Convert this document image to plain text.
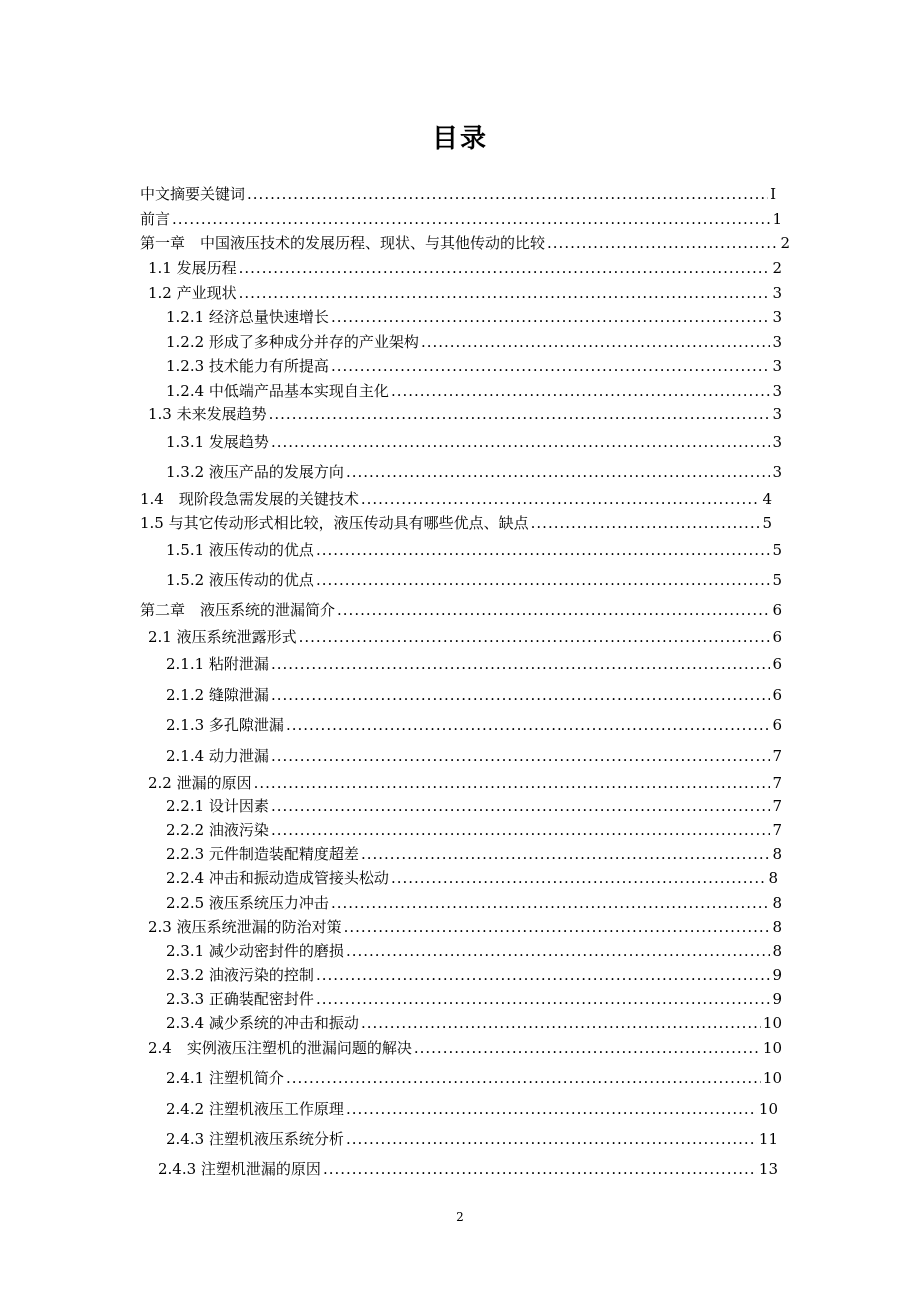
目录
中文摘要关键词 .....	Ⅰ
前言 .....	1
第一章　中国液压技术的发展历程、现状、与其他传动的比较 .....	2
1.1 发展历程 .....	2
1.2 产业现状 .....	3
1.2.1 经济总量快速增长 .....	3
1.2.2 形成了多种成分并存的产业架构 .....	3
1.2.3 技术能力有所提高 .....	3
1.2.4 中低端产品基本实现自主化 .....	3
1.3 未来发展趋势 .....	3
1.3.1 发展趋势 .....	3
1.3.2 液压产品的发展方向 .....	3
1.4　现阶段急需发展的关键技术 .....	4
1.5 与其它传动形式相比较，液压传动具有哪些优点、缺点 .....	5
1.5.1 液压传动的优点 .....	5
1.5.2 液压传动的优点 .....	5
第二章　液压系统的泄漏简介 .....	6
2.1 液压系统泄露形式 .....	6
2.1.1 粘附泄漏 .....	6
2.1.2 缝隙泄漏 .....	6
2.1.3 多孔隙泄漏 .....	6
2.1.4 动力泄漏 .....	7
2.2 泄漏的原因 .....	7
2.2.1 设计因素 .....	7
2.2.2 油液污染 .....	7
2.2.3 元件制造装配精度超差 .....	8
2.2.4 冲击和振动造成管接头松动 .....	8
2.2.5 液压系统压力冲击 .....	8
2.3 液压系统泄漏的防治对策 .....	8
2.3.1 减少动密封件的磨损 .....	8
2.3.2 油液污染的控制 .....	9
2.3.3 正确装配密封件 .....	9
2.3.4 减少系统的冲击和振动 .....	10
2.4　实例液压注塑机的泄漏问题的解决 .....	10
2.4.1 注塑机简介 .....	10
2.4.2 注塑机液压工作原理 .....	10
2.4.3 注塑机液压系统分析 .....	11
2.4.3 注塑机泄漏的原因 .....	13
2
